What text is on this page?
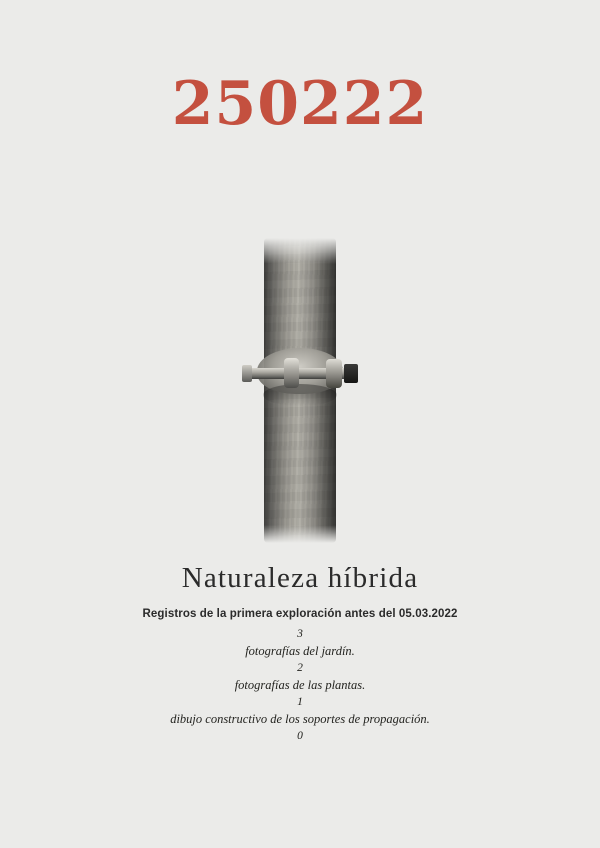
250222
Naturaleza híbrida
Registros de la primera exploración antes del 05.03.2022
3
fotografías del jardín.
2
fotografías de las plantas.
1
dibujo constructivo de los soportes de propagación.
0
